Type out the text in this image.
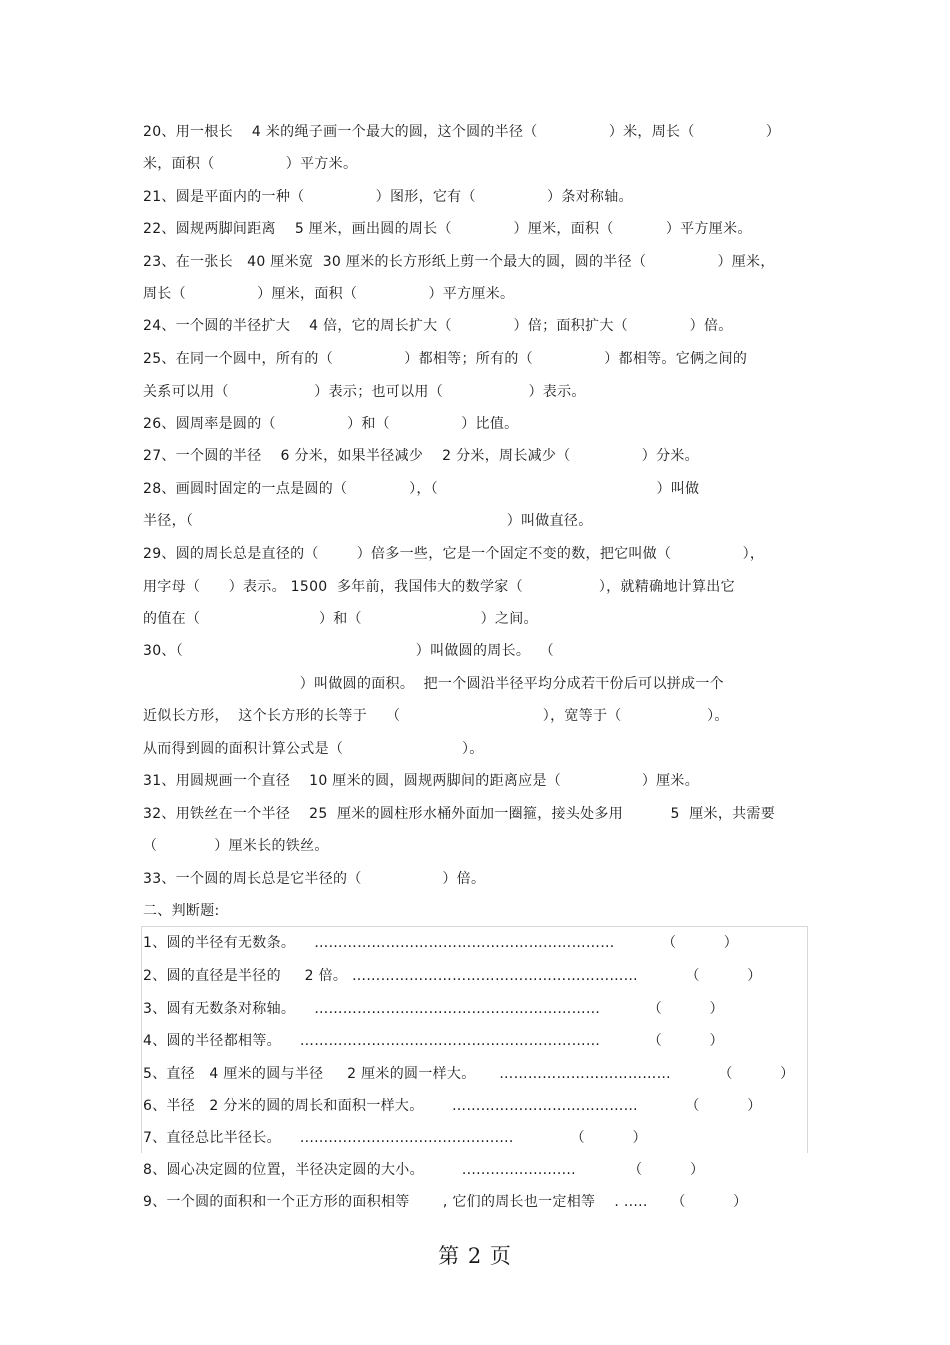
20、用一根长    4 米的绳子画一个最大的圆，这个圆的半径（               ）米，周长（               ）
米，面积（               ）平方米。
21、圆是平面内的一种（               ）图形，它有（               ）条对称轴。
22、圆规两脚间距离    5 厘米，画出圆的周长（             ）厘米，面积（           ）平方厘米。
23、在一张长   40 厘米宽  30 厘米的长方形纸上剪一个最大的圆，圆的半径（               ）厘米，
周长（               ）厘米，面积（               ）平方厘米。
24、一个圆的半径扩大    4 倍，它的周长扩大（             ）倍；面积扩大（             ）倍。
25、在同一个圆中，所有的（               ）都相等；所有的（               ）都相等。它俩之间的
关系可以用（                  ）表示；也可以用（                  ）表示。
26、圆周率是圆的（               ）和（               ）比值。
27、一个圆的半径    6 分米，如果半径减少    2 分米，周长减少（               ）分米。
28、画圆时固定的一点是圆的（             ），（                                              ）叫做
半径，（                                                                  ）叫做直径。
29、圆的周长总是直径的（        ）倍多一些，它是一个固定不变的数，把它叫做（               ），
用字母（      ）表示。 1500  多年前，我国伟大的数学家（                ），就精确地计算出它
的值在（                         ）和（                         ）之间。
30、（                                                 ）叫做圆的周长。  （
）叫做圆的面积。  把一个圆沿半径平均分成若干份后可以拼成一个
近似长方形，  这个长方形的长等于    （                              ），宽等于（                  ）。
从而得到圆的面积计算公式是（                         ）。
31、用圆规画一个直径    10 厘米的圆，圆规两脚间的距离应是（                 ）厘米。
32、用铁丝在一个半径    25  厘米的圆柱形水桶外面加一圈箍，接头处多用          5  厘米，共需要
（            ）厘米长的铁丝。
33、一个圆的周长总是它半径的（                 ）倍。
二、判断题:
1、圆的半径有无数条。    ………………………………………………………          （          ）
2、圆的直径是半径的     2 倍。 ……………………………………………………          （          ）
3、圆有无数条对称轴。    ……………………………………………………          （          ）
4、圆的半径都相等。    ………………………………………………………          （          ）
5、直径   4 厘米的圆与半径     2 厘米的圆一样大。     ………………………………          （          ）
6、半径   2 分米的圆的周长和面积一样大。      …………………………………          （          ）
7、直径总比半径长。    .............................................            （          ）
8、圆心决定圆的位置，半径决定圆的大小。        ........................           （          ）
9、一个圆的面积和一个正方形的面积相等       , 它们的周长也一定相等    . .....     （          ）
第 2 页
